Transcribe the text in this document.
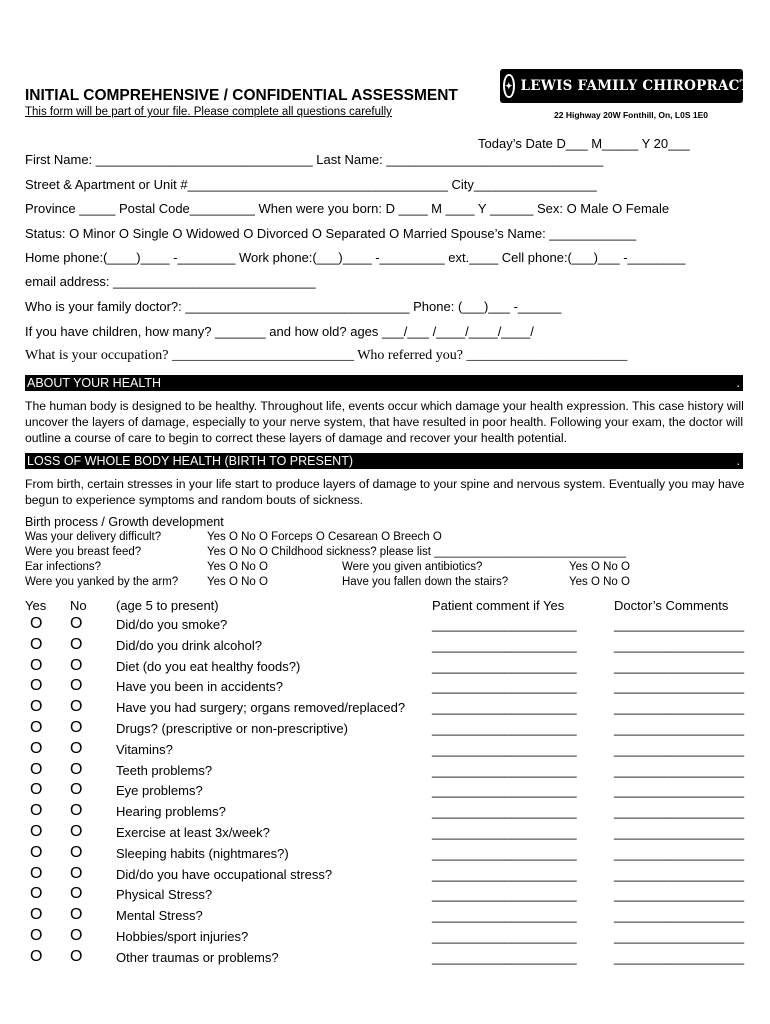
INITIAL COMPREHENSIVE / CONFIDENTIAL ASSESSMENT
This form will be part of your file. Please complete all questions carefully
✦ LEWIS FAMILY CHIROPRACTIC
22 Highway 20W Fonthill, On, L0S 1E0
Today’s Date D___ M_____ Y 20___
First Name: ______________________________ Last Name: ______________________________
Street & Apartment or Unit #____________________________________ City_________________
Province _____ Postal Code_________ When were you born: D ____ M ____ Y ______ Sex: O Male O Female
Status: O Minor O Single O Widowed O Divorced O Separated O Married Spouse’s Name: ____________
Home phone:(____)____ -________ Work phone:(___)____ -_________ ext.____ Cell phone:(___)___ -________
email address: ____________________________
Who is your family doctor?: _______________________________ Phone: (___)___ -______
If you have children, how many? _______ and how old? ages ___/___ /____/____/____/
What is your occupation? __________________________ Who referred you? _______________________
ABOUT YOUR HEALTH	.
The human body is designed to be healthy. Throughout life, events occur which damage your health expression. This case history will uncover the layers of damage, especially to your nerve system, that have resulted in poor health. Following your exam, the doctor will outline a course of care to begin to correct these layers of damage and recover your health potential.
LOSS OF WHOLE BODY HEALTH (BIRTH TO PRESENT)	.
From birth, certain stresses in your life start to produce layers of damage to your spine and nervous system. Eventually you may have begun to experience symptoms and random bouts of sickness.
Birth process / Growth development
Was your delivery difficult?	Yes O No O Forceps O Cesarean O Breech O
Were you breast feed?	Yes O No O Childhood sickness? please list ______________________________
Ear infections?	Yes O No O	Were you given antibiotics?	Yes O No O
Were you yanked by the arm?	Yes O No O	Have you fallen down the stairs?	Yes O No O
Yes No (age 5 to present)	Patient comment if Yes	Doctor’s Comments
O O	Did/do you smoke?	____________________	__________________
O O	Did/do you drink alcohol?	____________________	__________________
O O	Diet (do you eat healthy foods?)	____________________	__________________
O O	Have you been in accidents?	____________________	__________________
O O	Have you had surgery; organs removed/replaced? ____________________	__________________
O O	Drugs? (prescriptive or non-prescriptive)	____________________	__________________
O O	Vitamins?	____________________	__________________
O O	Teeth problems?	____________________	__________________
O O	Eye problems?	____________________	__________________
O O	Hearing problems?	____________________	__________________
O O	Exercise at least 3x/week?	____________________	__________________
O O	Sleeping habits (nightmares?)	____________________	__________________
O O	Did/do you have occupational stress?	____________________	__________________
O O	Physical Stress?	____________________	__________________
O O	Mental Stress?	____________________	__________________
O O	Hobbies/sport injuries?	____________________	__________________
O O	Other traumas or problems?	____________________	__________________
